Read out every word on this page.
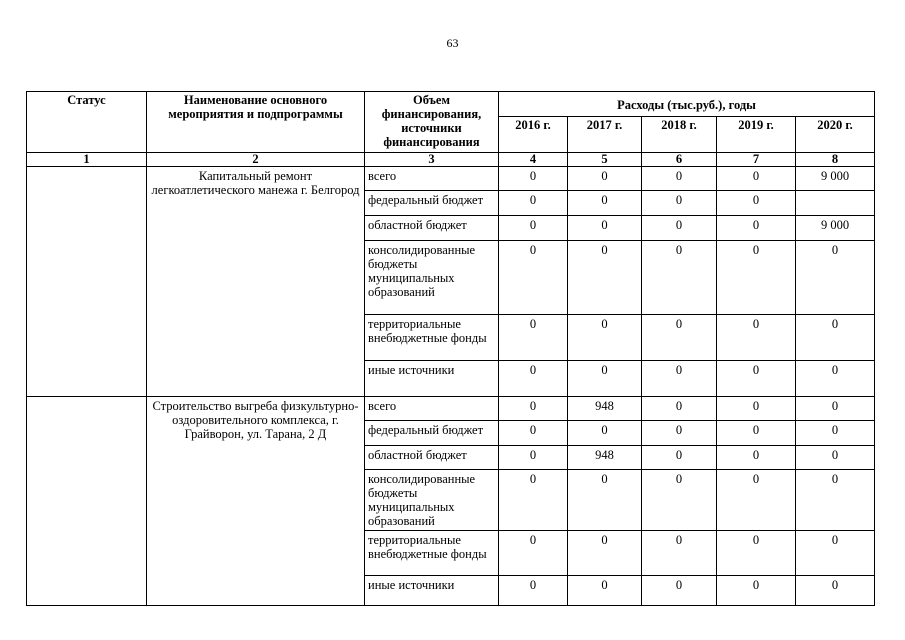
63
Статус	Наименование основного мероприятия и подпрограммы	Объем финансирования, источники финансирования	Расходы (тыс.руб.), годы				
			2016 г.	2017 г.	2018 г.	2019 г.	2020 г.
1	2	3	4	5	6	7	8
	Капитальный ремонт легкоатлетического манежа г. Белгород	всего	0	0	0	0	9 000
		федеральный бюджет	0	0	0	0	
		областной бюджет	0	0	0	0	9 000
		консолидированные бюджеты муниципальных образований	0	0	0	0	0
		территориальные внебюджетные фонды	0	0	0	0	0
		иные источники	0	0	0	0	0
	Строительство выгреба физкультурно-оздоровительного комплекса, г. Грайворон, ул. Тарана, 2 Д	всего	0	948	0	0	0
		федеральный бюджет	0	0	0	0	0
		областной бюджет	0	948	0	0	0
		консолидированные бюджеты муниципальных образований	0	0	0	0	0
		территориальные внебюджетные фонды	0	0	0	0	0
		иные источники	0	0	0	0	0
